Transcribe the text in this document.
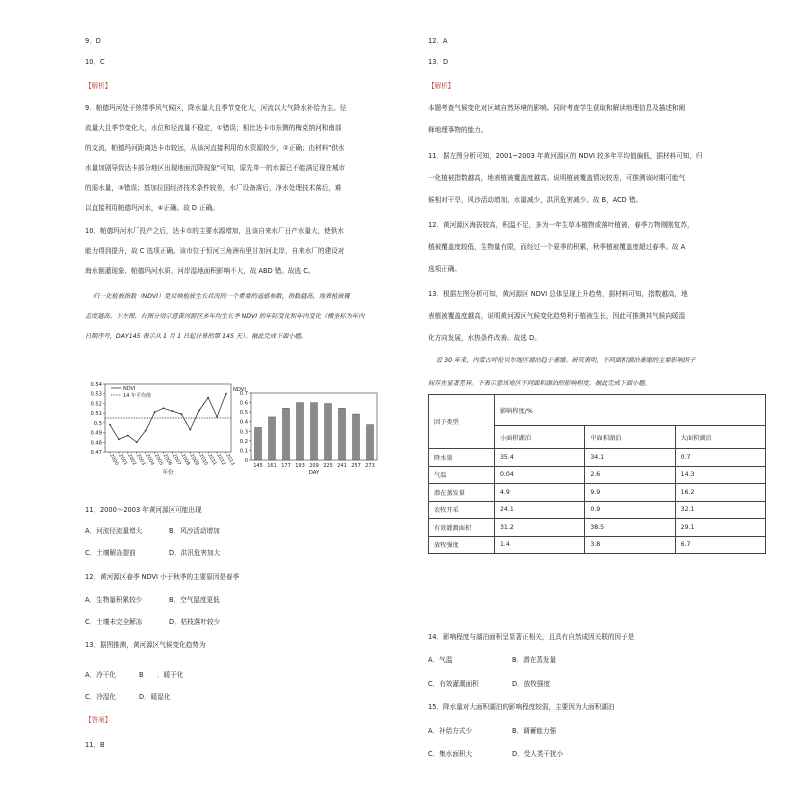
9．D
10．C
【解析】
9．帕德玛河处于热带季风气候区，降水量大且季节变化大，河流以大气降水补给为主。径
流量大且季节变化大，水位和径流量不稳定，①错误；相比达卡市东侧的梅克纳河和南部
的支流，帕德玛河距离达卡市较远，从该河直接利用的水资源较少，②正确；由材料"供水
水量加剧导致达卡部分地区出现地面沉降现象"可知，原先单一的水源已不能满足现在城市
的需水量，③错误；基加拉国经济技术条件较差，水厂设备落后，净水处理技术落后，难
以直接利用帕德玛河水，④正确。故 D 正确。
10．帕德玛河水厂投产之后，达卡市的主要水源增加，且该自来水厂日产水量大，使供水
能力得到提升，故 C 选项正确。该市位于恒河三角洲布里甘加河北岸，自来水厂的建设对
海水倒灌现象、帕德玛河水质、河岸湿地面积影响不大，故 ABD 错。故选 C。
归一化植被指数（NDVI）是反映植被生长状况的一个重要的遥感参数，指数越高，地表植被覆
盖度越高。下左图、右图分别示意黄河源区多年均生长季 NDVI 的年际变化和年内变化（横坐标为年内
日期序号，DAY145 表示从 1 月 1 日起计算的第 145 天）。据此完成下面小题。
0.54
0.53
0.52
0.51
0.5
0.49
0.48
0.47
2000
2001
2002
2003
2004
2005
2006
2007
2008
2009
2010
2011
2012
2013
NDVI
14 年平均值
年份
0.7
0.6
0.5
0.4
0.3
0.2
0.1
0
NDVI
145 161 177 193 209 225 241 257 273
DAY
11．2000～2003 年黄河源区可能出现
A．河流径流量增大	B．风沙活动增加
C．土壤解冻提前	D．洪汛危害加大
12．黄河源区春季 NDVI 小于秋季的主要原因是春季
A．生物量积累较少	B．空气湿度更低
C．土壤未完全解冻	D．枯枝落叶较少
13．据图推测，黄河源区气候变化趋势为
A．冷干化	B ．暖干化
C．冷湿化	D．暖湿化
【答案】
11．B
12．A
13．D
【解析】
本题考查气候变化对区域自然环境的影响。同时考查学生获取和解读地理信息及描述和阐
释地理事物的能力。
11．据左图分析可知，2001~2003 年黄河源区的 NDVI 较多年平均值偏低，据材料可知，归
一化植被指数越高，地表植被覆盖度越高。说明植被覆盖情况较差，可推测该时期可能气
候相对干旱，风沙活动增加，水量减少，洪汛危害减少。故 B，ACD 错。
12．黄河源区海拔较高，积温不足，多为一年生草本植物或落叶植被，春季万物刚刚复苏，
植被覆盖度较低，生物量有限，而经过一个夏季的积累，秋季植被覆盖度超过春季。故 A
选项正确。
13．根据左图分析可知，黄河源区 NDVI 总体呈现上升趋势，据材料可知，指数越高，地
表植被覆盖度越高，说明黄河源区气候变化趋势利于植被生长，因此可推测其气候向暖湿
化方向发展，水热条件改善。故选 D。
近 30 年来，内蒙古呼伦贝尔地区湖泊趋于萎缩。研究表明，不同面积湖泊萎缩的主要影响因子
间存在显著差异。下表示意该地区不同面积湖泊的影响程度。据此完成下面小题。
因子类型	影响程度/%		
	小面积湖泊	中面积湖泊	大面积湖泊
降水量	35.4	34.1	0.7
气温	0.04	2.6	14.3
潜在蒸发量	4.9	9.9	16.2
农牧开采	24.1	0.9	32.1
有效灌溉面积	31.2	38.5	29.1
放牧强度	1.4	3.8	6.7
14．影响程度与湖泊面积呈显著正相关，且具有自然成因关联的因子是
A．气温	B．潜在蒸发量
C．有效灌溉面积	D．放牧强度
15．降水量对大面积湖泊的影响程度较弱，主要因为大面积湖泊
A．补给方式少	B．调蓄能力强
C．集水面积大	D．受人类干扰小
